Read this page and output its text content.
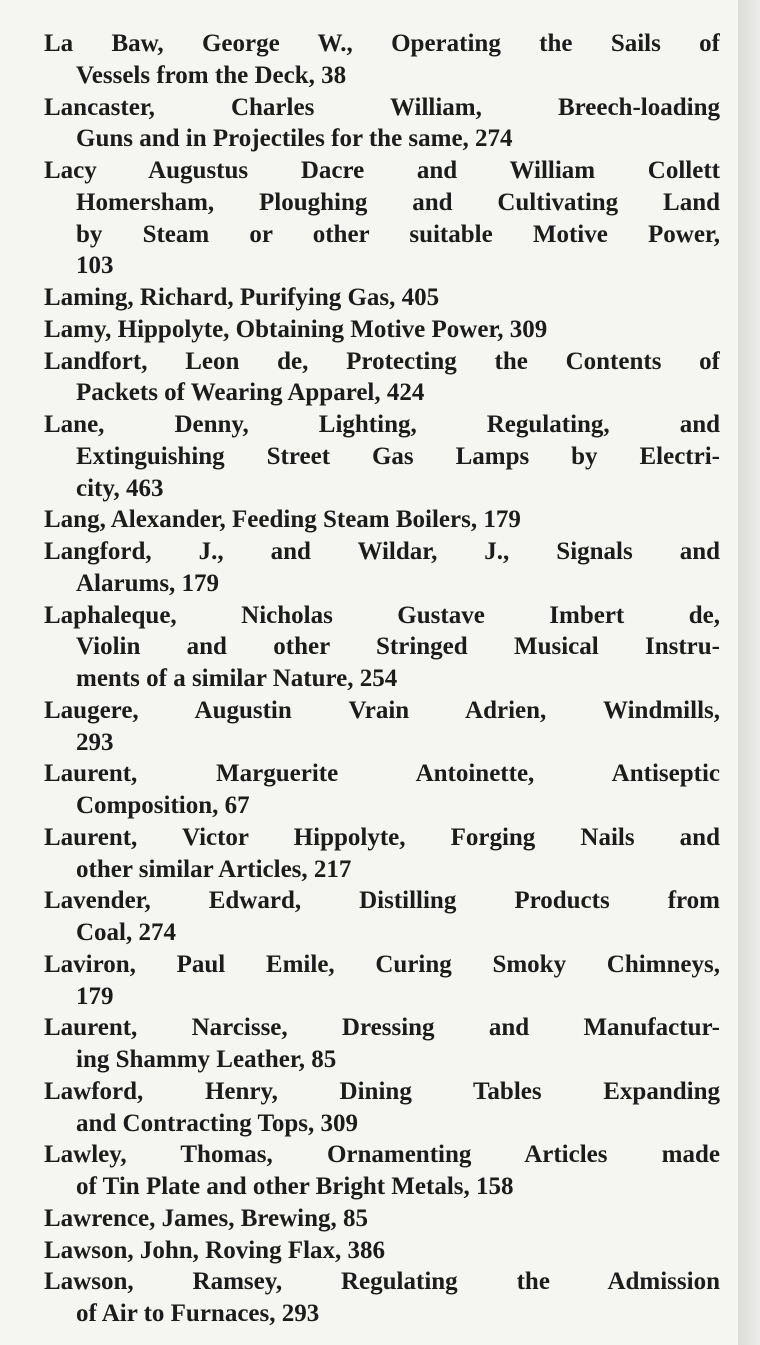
La Baw, George W., Operating the Sails of
Vessels from the Deck, 38
Lancaster, Charles William, Breech-loading
Guns and in Projectiles for the same, 274
Lacy Augustus Dacre and William Collett
Homersham, Ploughing and Cultivating Land
by Steam or other suitable Motive Power,
103
Laming, Richard, Purifying Gas, 405
Lamy, Hippolyte, Obtaining Motive Power, 309
Landfort, Leon de, Protecting the Contents of
Packets of Wearing Apparel, 424
Lane, Denny, Lighting, Regulating, and
Extinguishing Street Gas Lamps by Electri-
city, 463
Lang, Alexander, Feeding Steam Boilers, 179
Langford, J., and Wildar, J., Signals and
Alarums, 179
Laphaleque, Nicholas Gustave Imbert de,
Violin and other Stringed Musical Instru-
ments of a similar Nature, 254
Laugere, Augustin Vrain Adrien, Windmills,
293
Laurent, Marguerite Antoinette, Antiseptic
Composition, 67
Laurent, Victor Hippolyte, Forging Nails and
other similar Articles, 217
Lavender, Edward, Distilling Products from
Coal, 274
Laviron, Paul Emile, Curing Smoky Chimneys,
179
Laurent, Narcisse, Dressing and Manufactur-
ing Shammy Leather, 85
Lawford, Henry, Dining Tables Expanding
and Contracting Tops, 309
Lawley, Thomas, Ornamenting Articles made
of Tin Plate and other Bright Metals, 158
Lawrence, James, Brewing, 85
Lawson, John, Roving Flax, 386
Lawson, Ramsey, Regulating the Admission
of Air to Furnaces, 293
